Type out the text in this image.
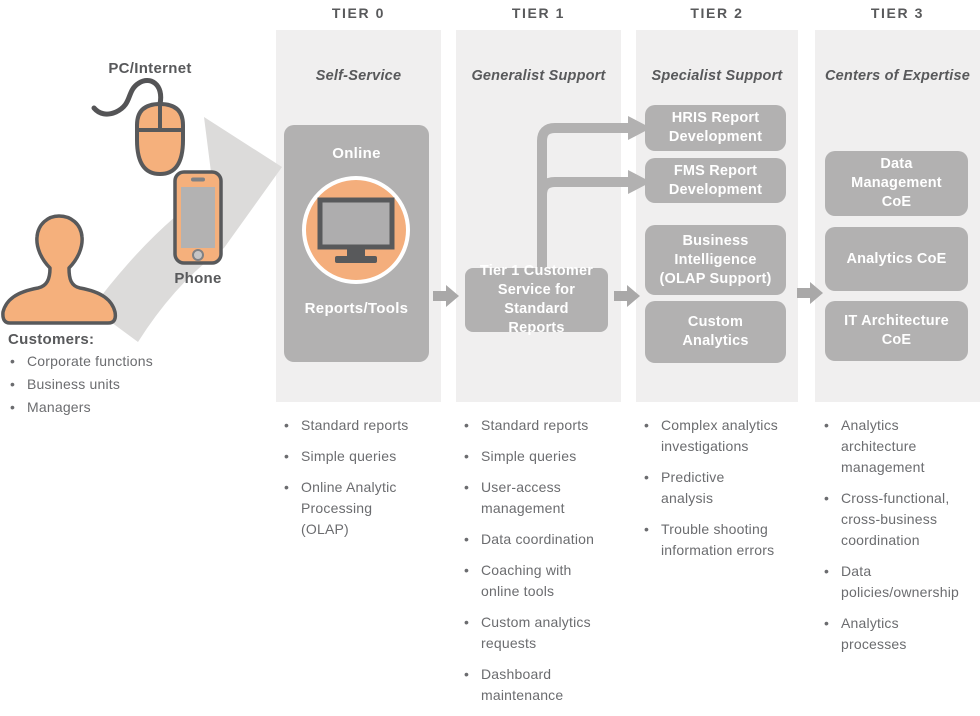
Self-Service	Generalist Support	Specialist Support	Centers of Expertise
TIER 0	TIER 1	TIER 2	TIER 3
PC/Internet
Phone
Customers:
• Corporate functions
• Business units
• Managers
Online
Reports/Tools
Tier 1 Customer Service for Standard Reports
HRIS Report Development
FMS Report Development
Business Intelligence (OLAP Support)
Custom Analytics
Data Management CoE
Analytics CoE
IT Architecture CoE
• Standard reports
• Simple queries
• Online Analytic Processing (OLAP)
• Standard reports
• Simple queries
• User-access management
• Data coordination
• Coaching with online tools
• Custom analytics requests
• Dashboard maintenance
• Complex analytics investigations
• Predictive analysis
• Trouble shooting information errors
• Analytics architecture management
• Cross-functional, cross-business coordination
• Data policies/ownership
• Analytics processes
